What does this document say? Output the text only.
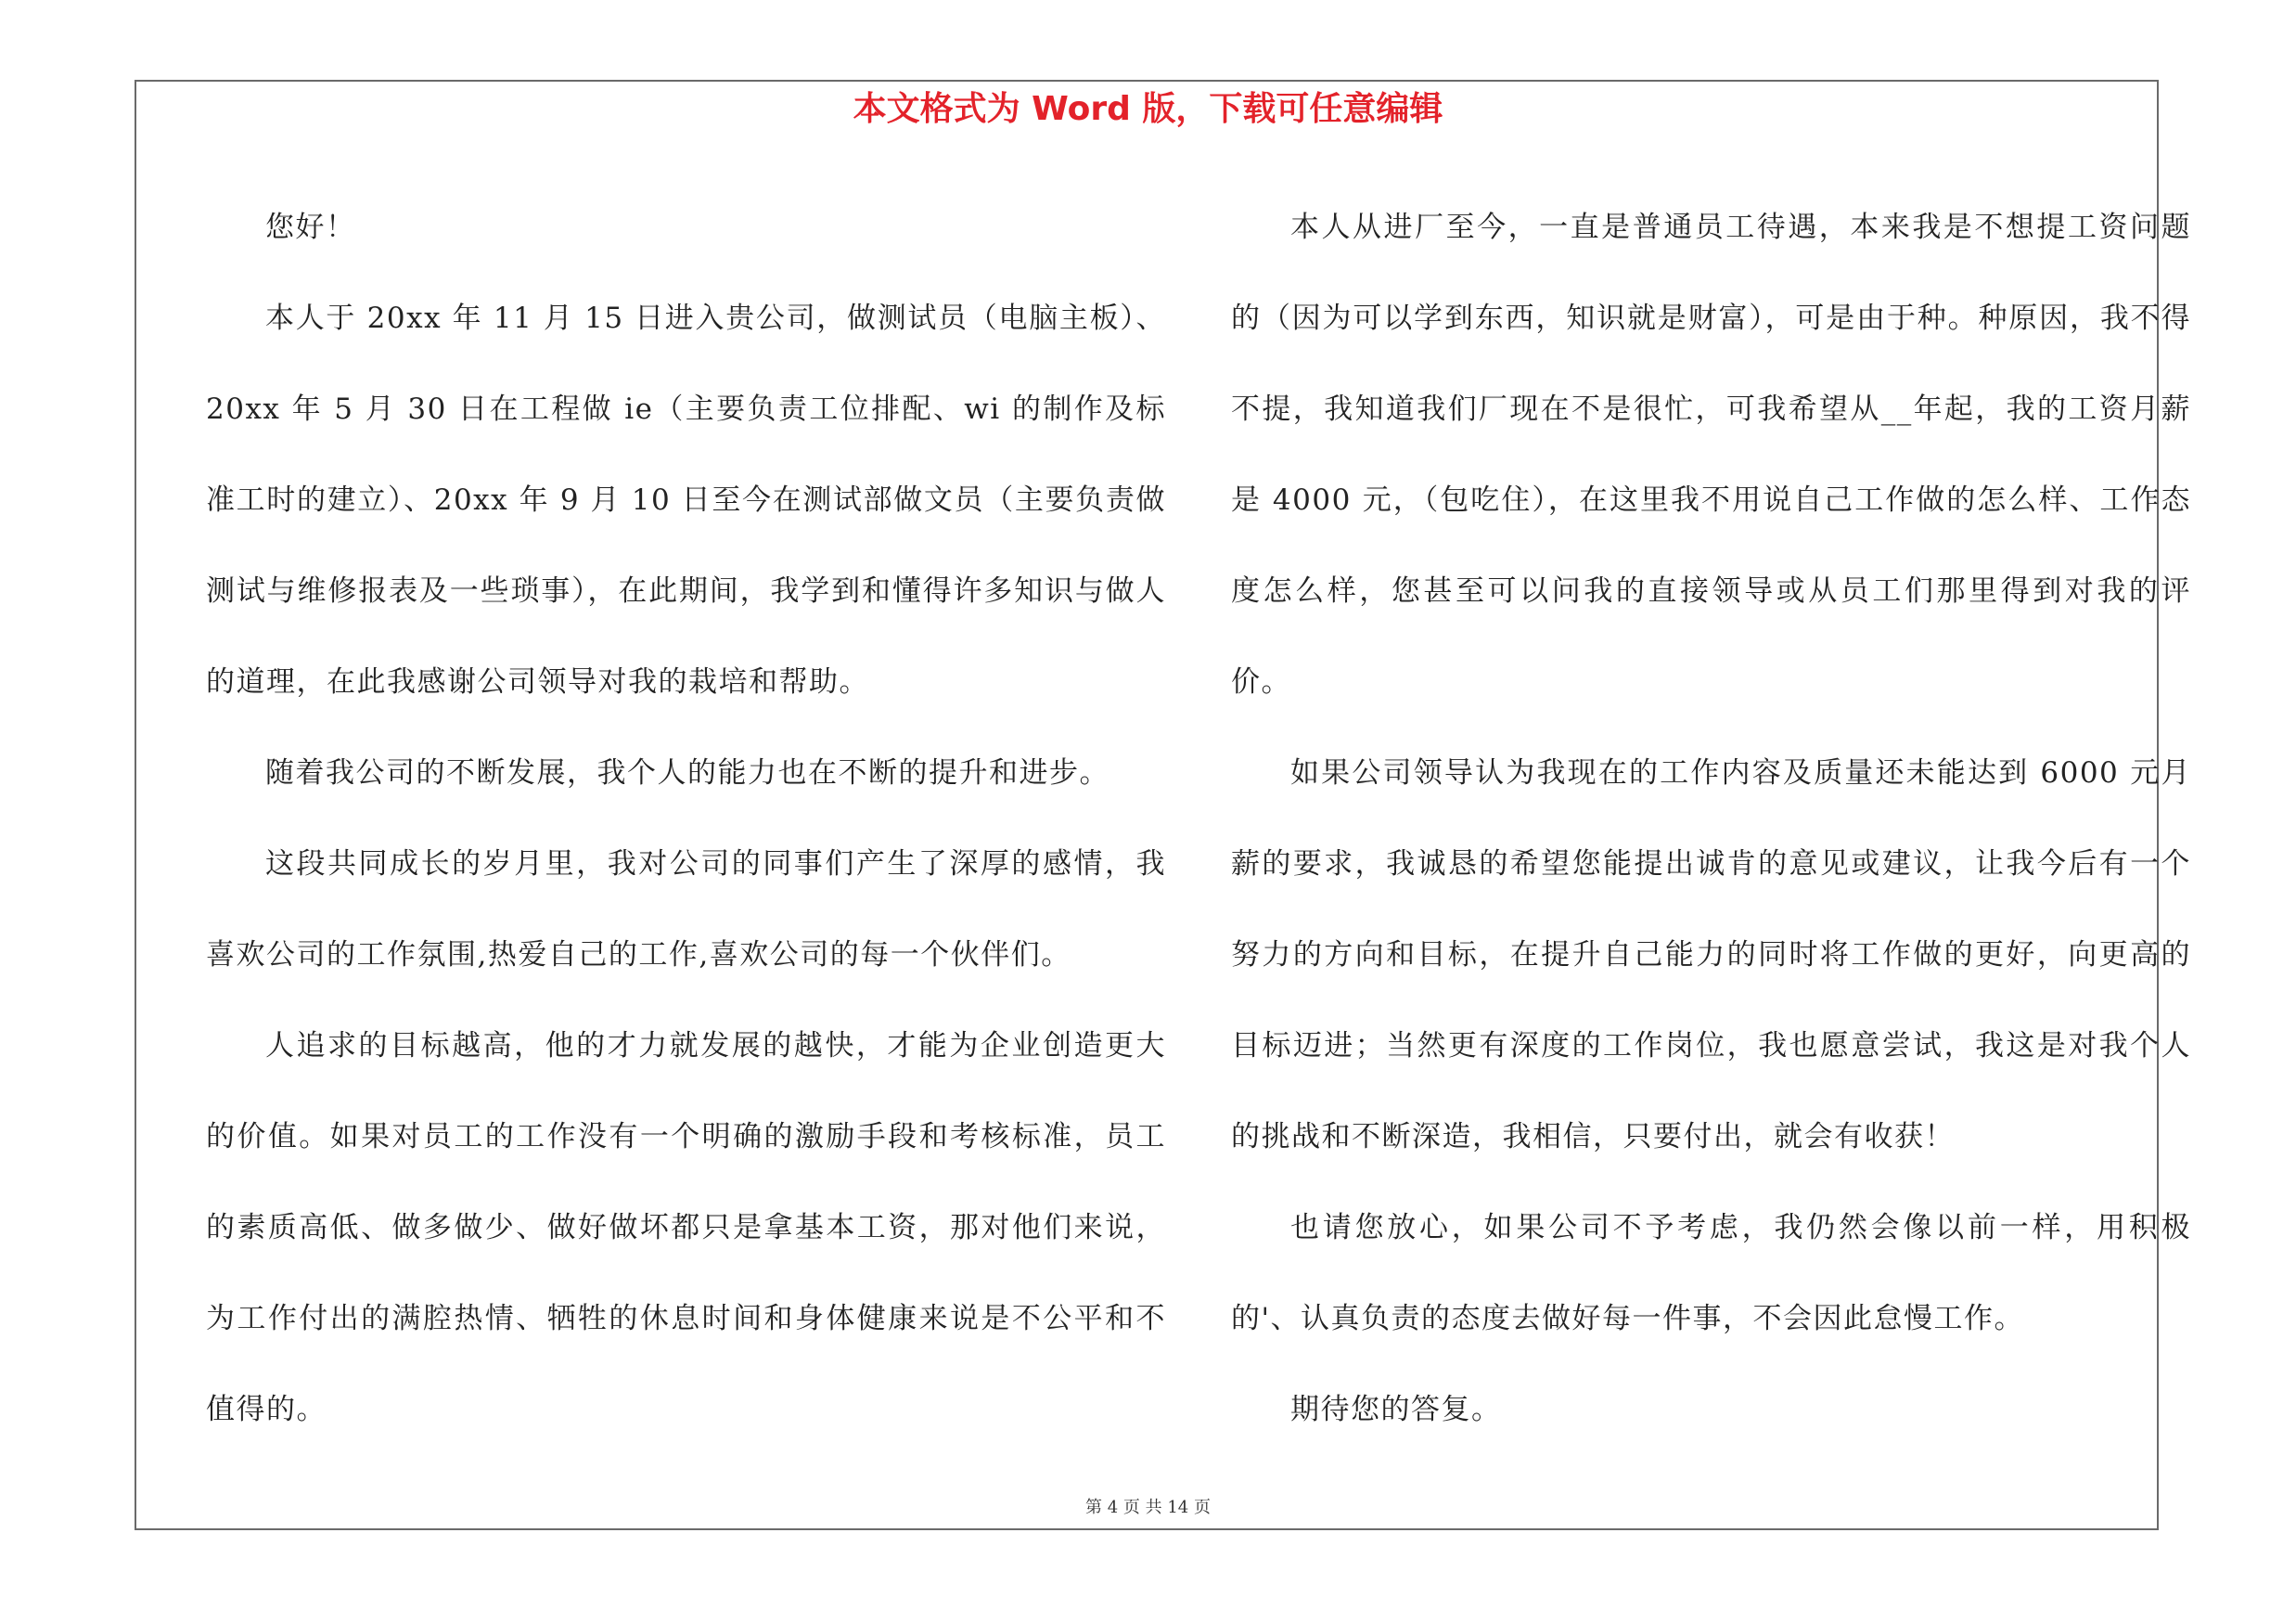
本文格式为 Word 版，下载可任意编辑

您好！

本人于 20xx 年 11 月 15 日进入贵公司，做测试员（电脑主板）、20xx 年 5 月 30 日在工程做 ie（主要负责工位排配、wi 的制作及标准工时的建立）、20xx 年 9 月 10 日至今在测试部做文员（主要负责做测试与维修报表及一些琐事），在此期间，我学到和懂得许多知识与做人的道理，在此我感谢公司领导对我的栽培和帮助。

随着我公司的不断发展，我个人的能力也在不断的提升和进步。

这段共同成长的岁月里，我对公司的同事们产生了深厚的感情，我喜欢公司的工作氛围,热爱自己的工作,喜欢公司的每一个伙伴们。

人追求的目标越高，他的才力就发展的越快，才能为企业创造更大的价值。如果对员工的工作没有一个明确的激励手段和考核标准，员工的素质高低、做多做少、做好做坏都只是拿基本工资，那对他们来说，为工作付出的满腔热情、牺牲的休息时间和身体健康来说是不公平和不值得的。

本人从进厂至今，一直是普通员工待遇，本来我是不想提工资问题的（因为可以学到东西，知识就是财富），可是由于种。种原因，我不得不提，我知道我们厂现在不是很忙，可我希望从__年起，我的工资月薪是 4000 元，（包吃住），在这里我不用说自己工作做的怎么样、工作态度怎么样，您甚至可以问我的直接领导或从员工们那里得到对我的评价。

如果公司领导认为我现在的工作内容及质量还未能达到 6000 元月薪的要求，我诚恳的希望您能提出诚肯的意见或建议，让我今后有一个努力的方向和目标，在提升自己能力的同时将工作做的更好，向更高的目标迈进；当然更有深度的工作岗位，我也愿意尝试，我这是对我个人的挑战和不断深造，我相信，只要付出，就会有收获！

也请您放心，如果公司不予考虑，我仍然会像以前一样，用积极的'、认真负责的态度去做好每一件事，不会因此怠慢工作。

期待您的答复。

第 4 页 共 14 页
